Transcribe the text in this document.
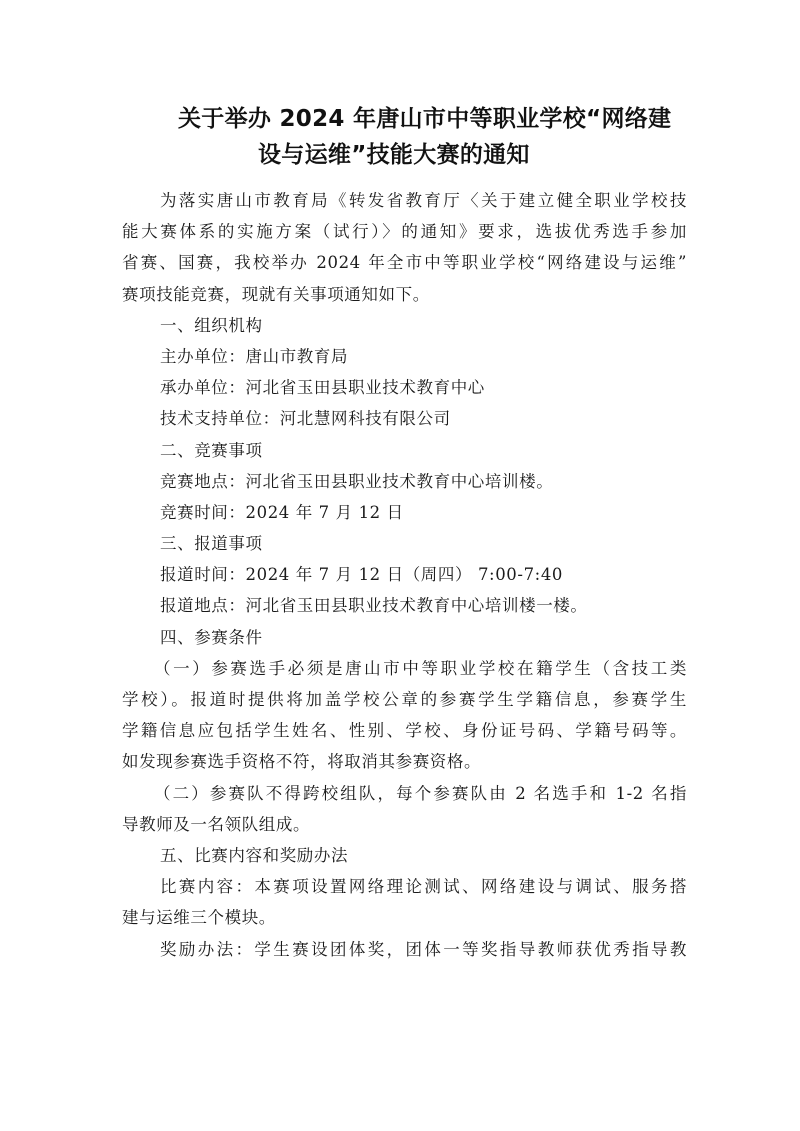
关于举办 2024 年唐山市中等职业学校“网络建
设与运维”技能大赛的通知
为落实唐山市教育局《转发省教育厅〈关于建立健全职业学校技
能大赛体系的实施方案（试行）〉的通知》要求，选拔优秀选手参加
省赛、国赛，我校举办 2024 年全市中等职业学校“网络建设与运维”
赛项技能竞赛，现就有关事项通知如下。
一、组织机构
主办单位：唐山市教育局
承办单位：河北省玉田县职业技术教育中心
技术支持单位：河北慧网科技有限公司
二、竞赛事项
竞赛地点：河北省玉田县职业技术教育中心培训楼。
竞赛时间：2024 年 7 月 12 日
三、报道事项
报道时间：2024 年 7 月 12 日（周四） 7:00-7:40
报道地点：河北省玉田县职业技术教育中心培训楼一楼。
四、参赛条件
（一）参赛选手必须是唐山市中等职业学校在籍学生（含技工类
学校）。报道时提供将加盖学校公章的参赛学生学籍信息，参赛学生
学籍信息应包括学生姓名、性别、学校、身份证号码、学籍号码等。
如发现参赛选手资格不符，将取消其参赛资格。
（二）参赛队不得跨校组队，每个参赛队由 2 名选手和 1-2 名指
导教师及一名领队组成。
五、比赛内容和奖励办法
比赛内容：本赛项设置网络理论测试、网络建设与调试、服务搭
建与运维三个模块。
奖励办法：学生赛设团体奖，团体一等奖指导教师获优秀指导教
